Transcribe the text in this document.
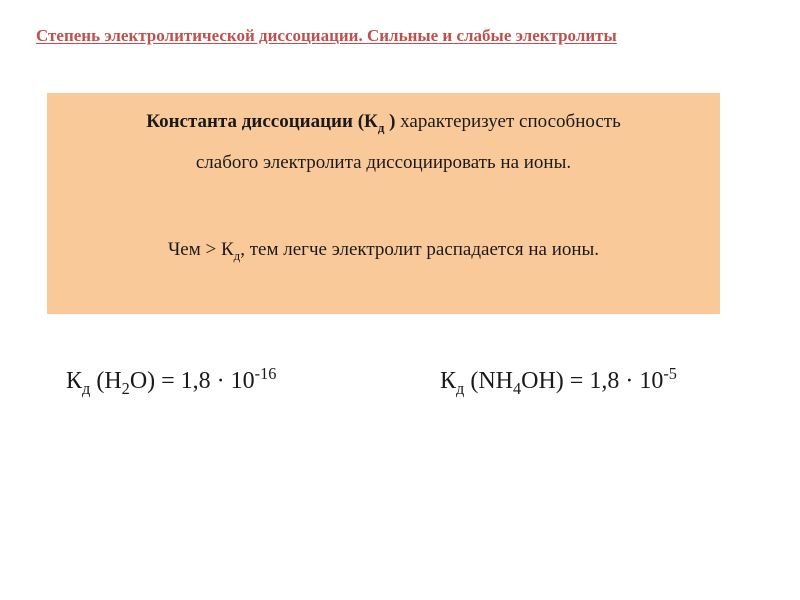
Степень электролитической диссоциации. Сильные и слабые электролиты
Константа диссоциации ($К_д$ ) характеризует способность
слабого электролита диссоциировать на ионы.
Чем > $К_д$, тем легче электролит распадается на ионы.
$К_д$ $(H_2O) = 1,8 \cdot 10^{-16}$	$К_д$ $(NH_4OH) = 1,8 \cdot 10^{-5}$
